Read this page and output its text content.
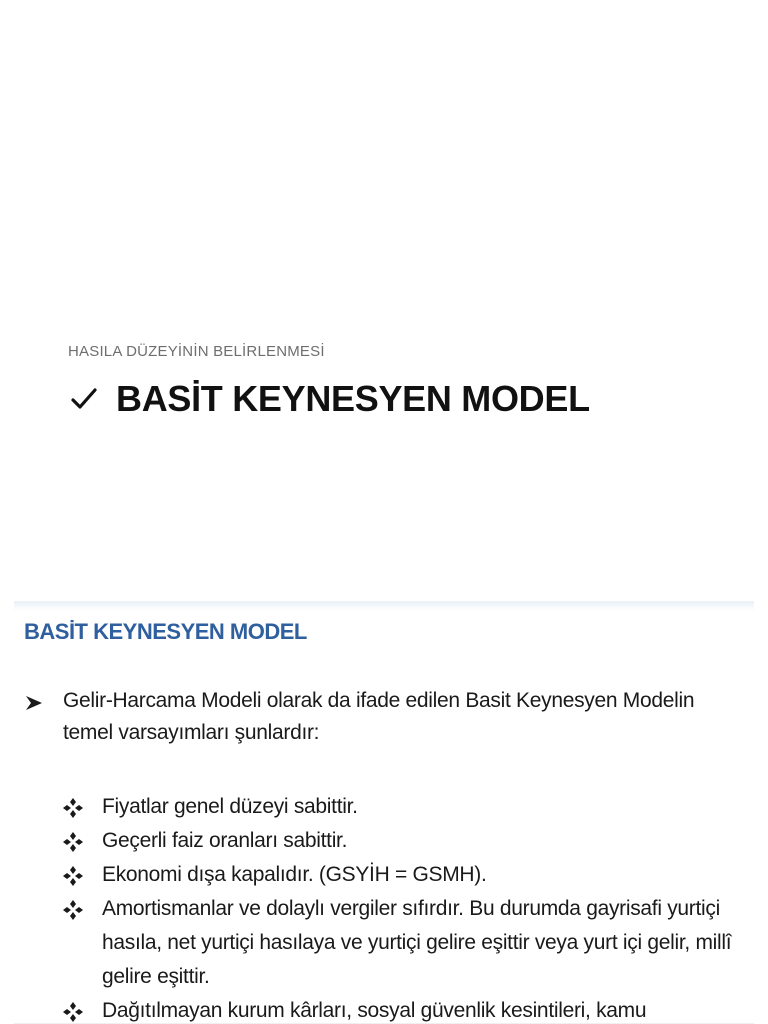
HASILA DÜZEYİNİN BELİRLENMESİ
BASİT KEYNESYEN MODEL
BASİT KEYNESYEN MODEL
Gelir-Harcama Modeli olarak da ifade edilen Basit Keynesyen Modelin temel varsayımları şunlardır:
Fiyatlar genel düzeyi sabittir.
Geçerli faiz oranları sabittir.
Ekonomi dışa kapalıdır. (GSYİH = GSMH).
Amortismanlar ve dolaylı vergiler sıfırdır. Bu durumda gayrisafi yurtiçi hasıla, net yurtiçi hasılaya ve yurtiçi gelire eşittir veya yurt içi gelir, millî gelire eşittir.
Dağıtılmayan kurum kârları, sosyal güvenlik kesintileri, kamu
